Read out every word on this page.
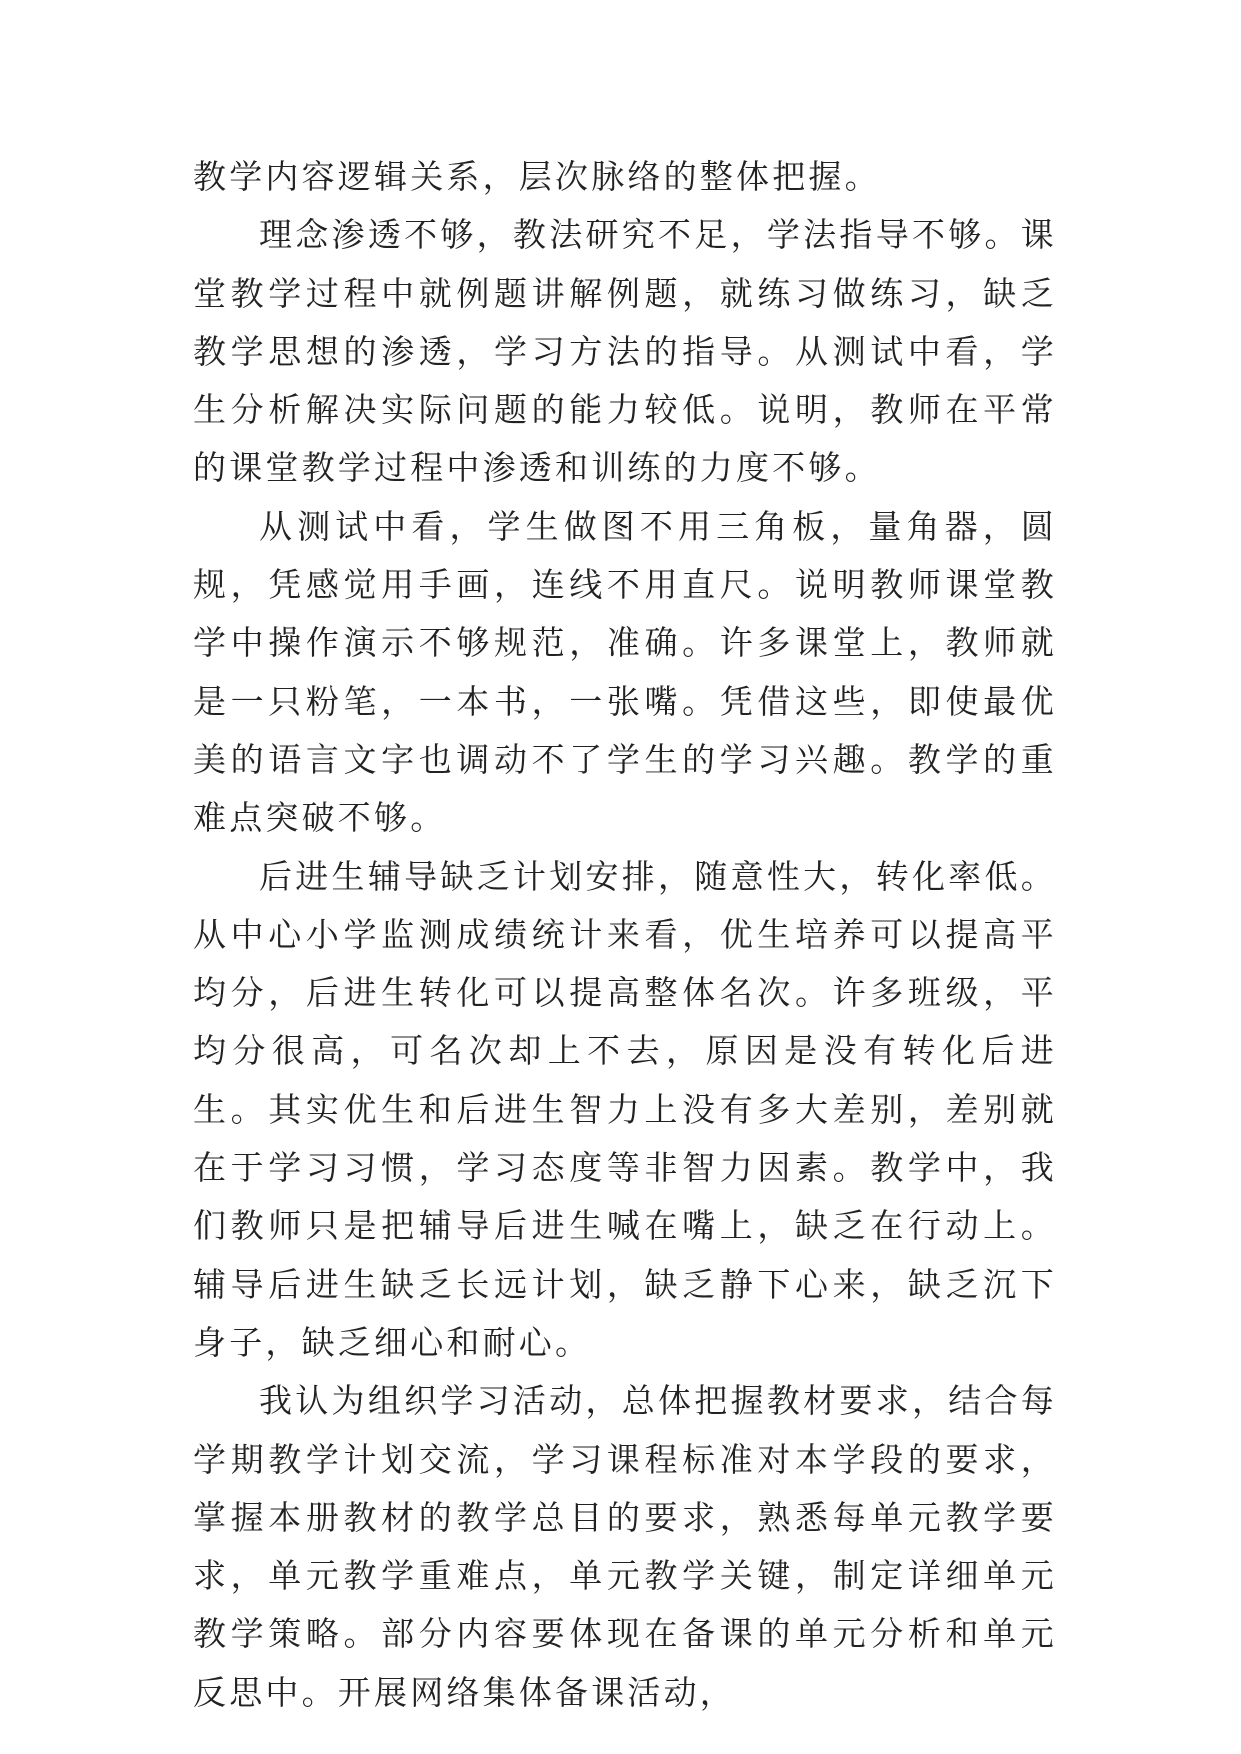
教学内容逻辑关系，层次脉络的整体把握。

理念渗透不够，教法研究不足，学法指导不够。课堂教学过程中就例题讲解例题，就练习做练习，缺乏教学思想的渗透，学习方法的指导。从测试中看，学生分析解决实际问题的能力较低。说明，教师在平常的课堂教学过程中渗透和训练的力度不够。

从测试中看，学生做图不用三角板，量角器，圆规，凭感觉用手画，连线不用直尺。说明教师课堂教学中操作演示不够规范，准确。许多课堂上，教师就是一只粉笔，一本书，一张嘴。凭借这些，即使最优美的语言文字也调动不了学生的学习兴趣。教学的重难点突破不够。

后进生辅导缺乏计划安排，随意性大，转化率低。从中心小学监测成绩统计来看，优生培养可以提高平均分，后进生转化可以提高整体名次。许多班级，平均分很高，可名次却上不去，原因是没有转化后进生。其实优生和后进生智力上没有多大差别，差别就在于学习习惯，学习态度等非智力因素。教学中，我们教师只是把辅导后进生喊在嘴上，缺乏在行动上。辅导后进生缺乏长远计划，缺乏静下心来，缺乏沉下身子，缺乏细心和耐心。

我认为组织学习活动，总体把握教材要求，结合每学期教学计划交流，学习课程标准对本学段的要求，掌握本册教材的教学总目的要求，熟悉每单元教学要求，单元教学重难点，单元教学关键，制定详细单元教学策略。部分内容要体现在备课的单元分析和单元反思中。开展网络集体备课活动，
